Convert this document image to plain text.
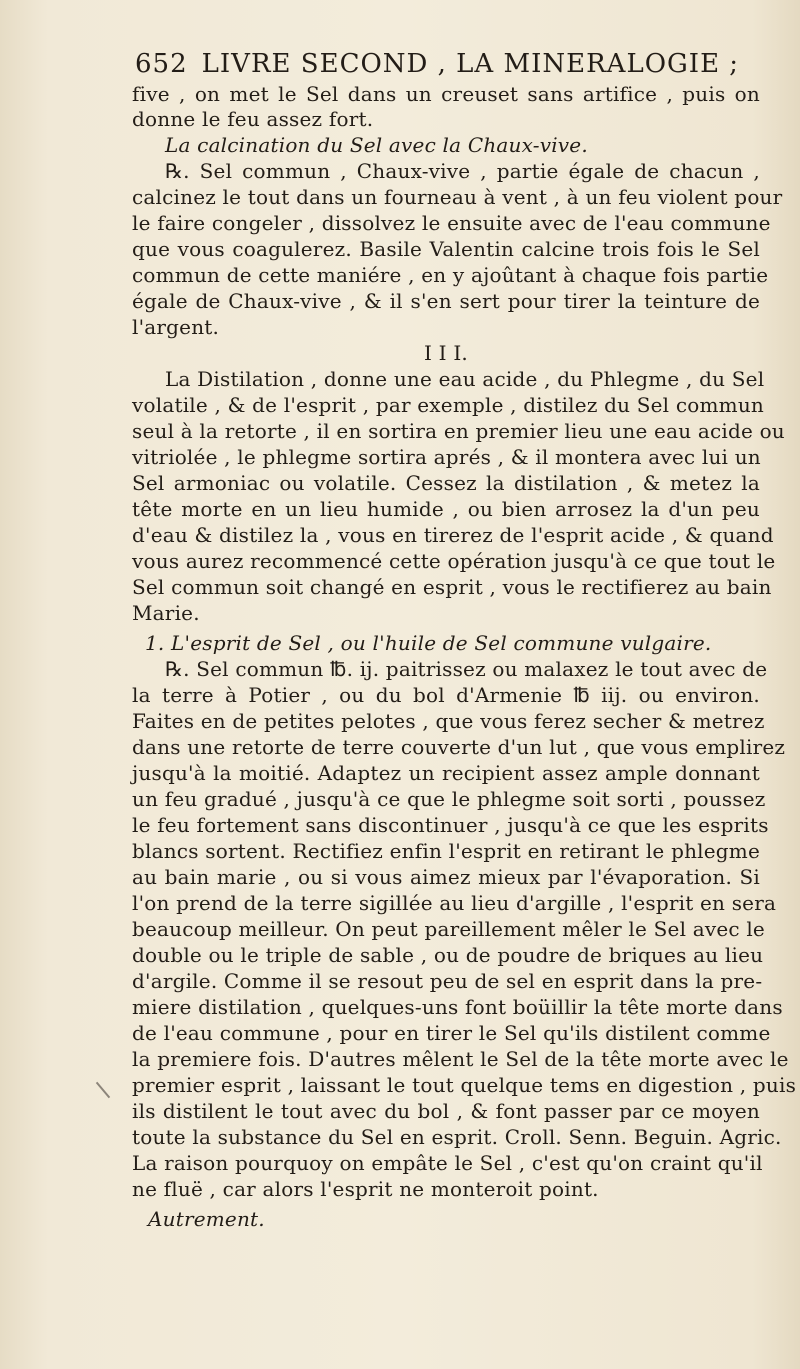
652 LIVRE SECOND , LA MINERALOGIE ;
five , on met le Sel dans un creuset sans artifice , puis on
donne le feu assez fort.
La calcination du Sel avec la Chaux-vive.
℞. Sel commun , Chaux-vive , partie égale de chacun ,
calcinez le tout dans un fourneau à vent , à un feu violent pour
le faire congeler , dissolvez le ensuite avec de l'eau commune
que vous coagulerez. Basile Valentin calcine trois fois le Sel
commun de cette maniére , en y ajoûtant à chaque fois partie
égale de Chaux-vive , & il s'en sert pour tirer la teinture de
l'argent.
I I I.
La Distilation , donne une eau acide , du Phlegme , du Sel
volatile , & de l'esprit , par exemple , distilez du Sel commun
seul à la retorte , il en sortira en premier lieu une eau acide ou
vitriolée , le phlegme sortira aprés , & il montera avec lui un
Sel armoniac ou volatile. Cessez la distilation , & metez la
tête morte en un lieu humide , ou bien arrosez la d'un peu
d'eau & distilez la , vous en tirerez de l'esprit acide , & quand
vous aurez recommencé cette opération jusqu'à ce que tout le
Sel commun soit changé en esprit , vous le rectifierez au bain
Marie.
1. L'esprit de Sel , ou l'huile de Sel commune vulgaire.
℞. Sel commun ℔. ij. paitrissez ou malaxez le tout avec de
la terre à Potier , ou du bol d'Armenie ℔ iij. ou environ.
Faites en de petites pelotes , que vous ferez secher & metrez
dans une retorte de terre couverte d'un lut , que vous emplirez
jusqu'à la moitié. Adaptez un recipient assez ample donnant
un feu gradué , jusqu'à ce que le phlegme soit sorti , poussez
le feu fortement sans discontinuer , jusqu'à ce que les esprits
blancs sortent. Rectifiez enfin l'esprit en retirant le phlegme
au bain marie , ou si vous aimez mieux par l'évaporation. Si
l'on prend de la terre sigillée au lieu d'argille , l'esprit en sera
beaucoup meilleur. On peut pareillement mêler le Sel avec le
double ou le triple de sable , ou de poudre de briques au lieu
d'argile. Comme il se resout peu de sel en esprit dans la pre-
miere distilation , quelques-uns font boüillir la tête morte dans
de l'eau commune , pour en tirer le Sel qu'ils distilent comme
la premiere fois. D'autres mêlent le Sel de la tête morte avec le
premier esprit , laissant le tout quelque tems en digestion , puis
ils distilent le tout avec du bol , & font passer par ce moyen
toute la substance du Sel en esprit. Croll. Senn. Beguin. Agric.
La raison pourquoy on empâte le Sel , c'est qu'on craint qu'il
ne fluë , car alors l'esprit ne monteroit point.
Autrement.
